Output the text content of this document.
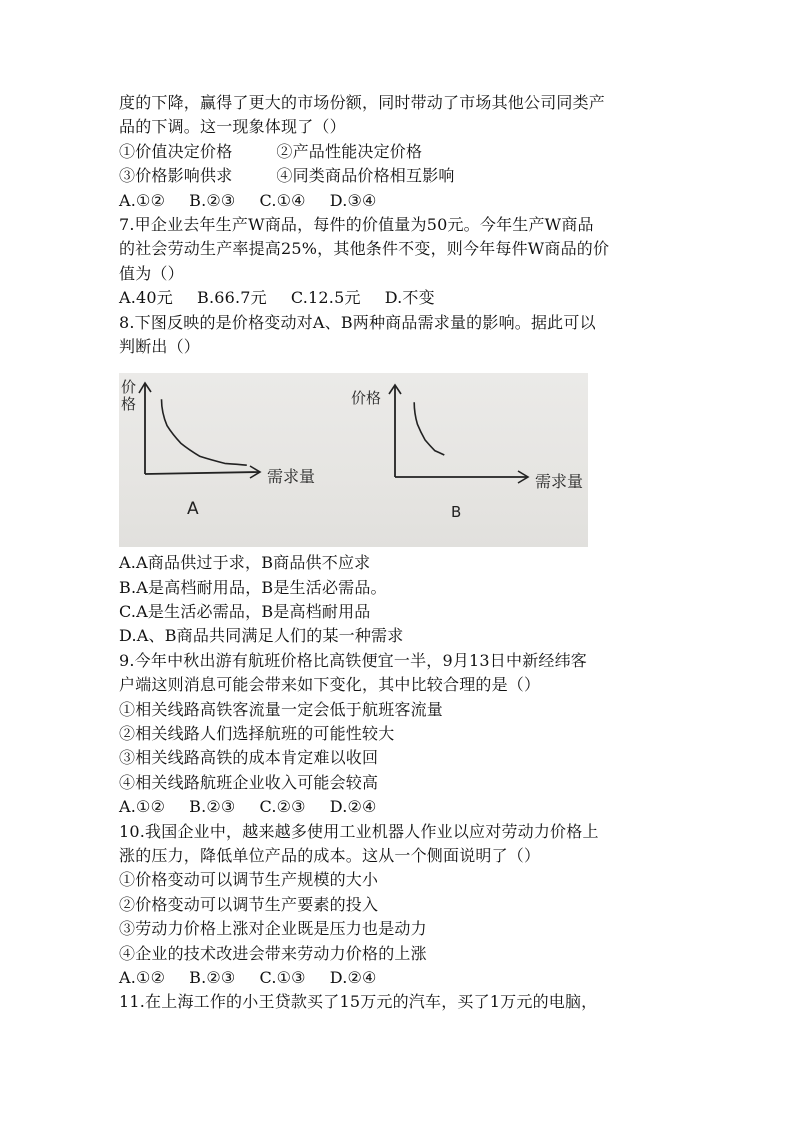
度的下降，赢得了更大的市场份额，同时带动了市场其他公司同类产
品的下调。这一现象体现了（）
①价值决定价格	②产品性能决定价格
③价格影响供求	④同类商品价格相互影响
A.①② B.②③ C.①④ D.③④
7.甲企业去年生产W商品，每件的价值量为50元。今年生产W商品
的社会劳动生产率提高25%，其他条件不变，则今年每件W商品的价
值为（）
A.40元 B.66.7元 C.12.5元 D.不变
8.下图反映的是价格变动对A、B两种商品需求量的影响。据此可以
判断出（）
价格
需求量
A
价格
需求量
B
A.A商品供过于求，B商品供不应求
B.A是高档耐用品，B是生活必需品。
C.A是生活必需品，B是高档耐用品
D.A、B商品共同满足人们的某一种需求
9.今年中秋出游有航班价格比高铁便宜一半，9月13日中新经纬客
户端这则消息可能会带来如下变化，其中比较合理的是（）
①相关线路高铁客流量一定会低于航班客流量
②相关线路人们选择航班的可能性较大
③相关线路高铁的成本肯定难以收回
④相关线路航班企业收入可能会较高
A.①② B.②③ C.②③ D.②④
10.我国企业中，越来越多使用工业机器人作业以应对劳动力价格上
涨的压力，降低单位产品的成本。这从一个侧面说明了（）
①价格变动可以调节生产规模的大小
②价格变动可以调节生产要素的投入
③劳动力价格上涨对企业既是压力也是动力
④企业的技术改进会带来劳动力价格的上涨
A.①② B.②③ C.①③ D.②④
11.在上海工作的小王贷款买了15万元的汽车，买了1万元的电脑，
